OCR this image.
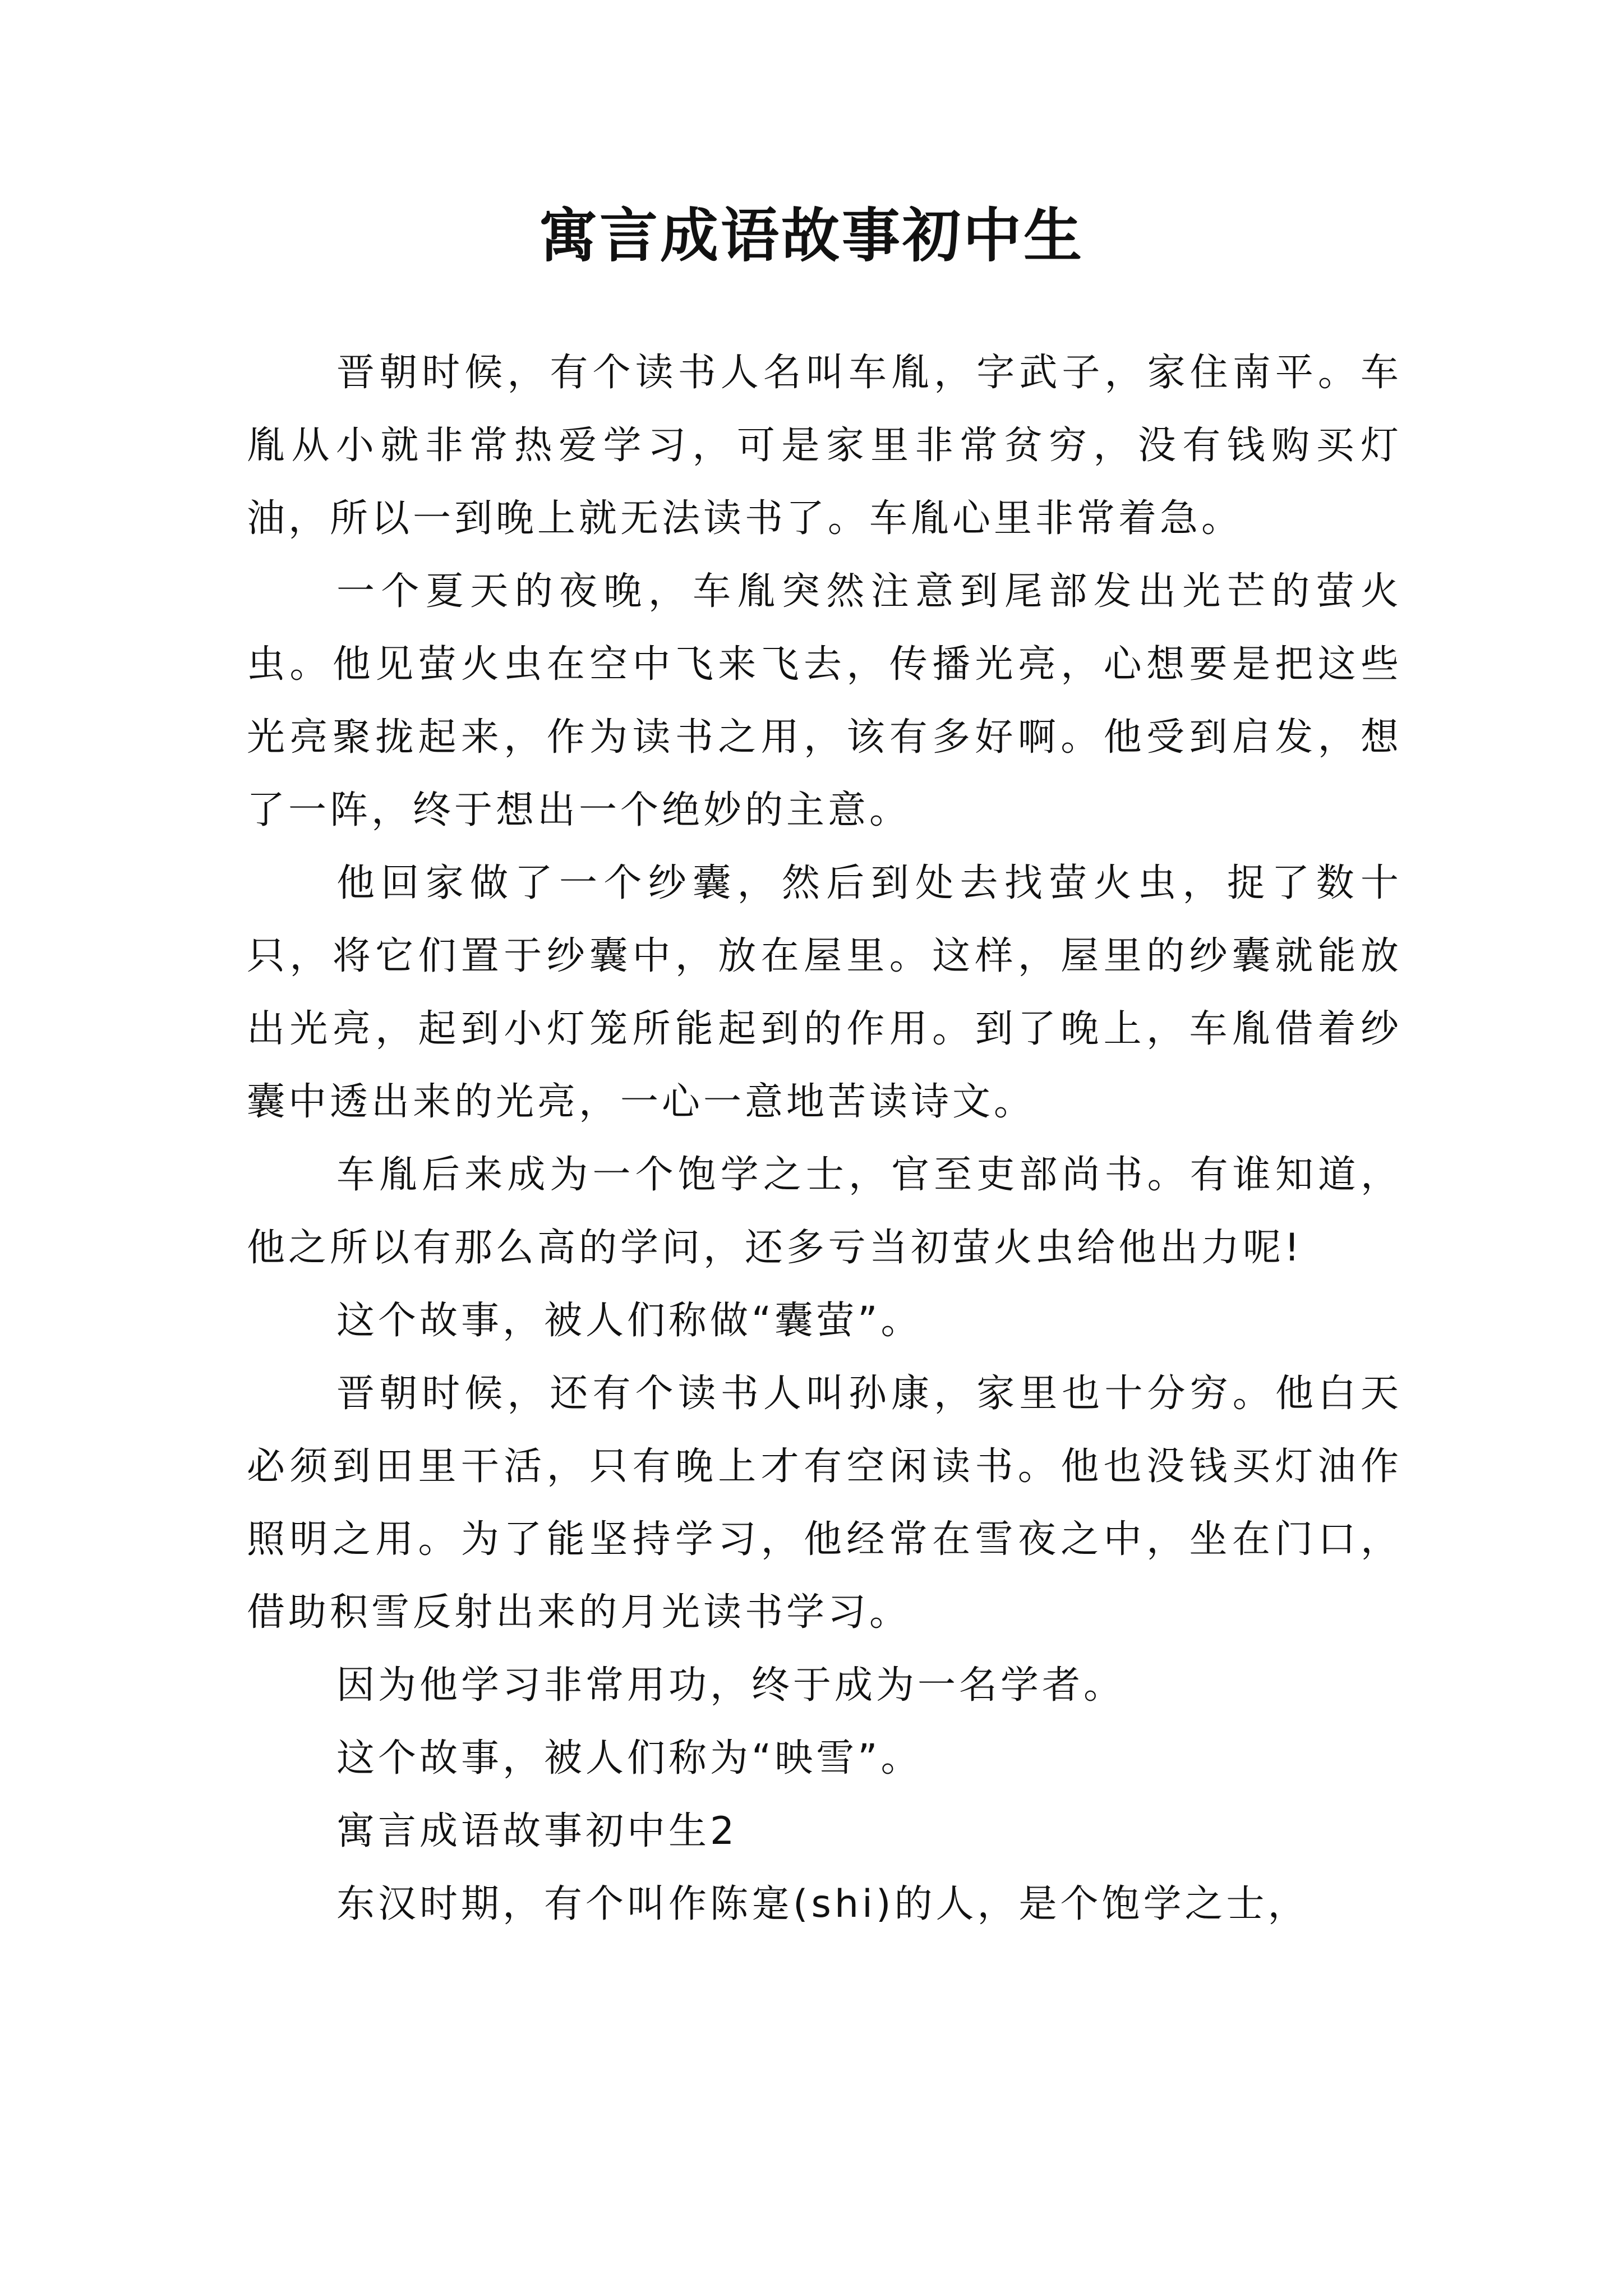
寓言成语故事初中生

晋朝时候，有个读书人名叫车胤，字武子，家住南平。车胤从小就非常热爱学习，可是家里非常贫穷，没有钱购买灯油，所以一到晚上就无法读书了。车胤心里非常着急。

一个夏天的夜晚，车胤突然注意到尾部发出光芒的萤火虫。他见萤火虫在空中飞来飞去，传播光亮，心想要是把这些光亮聚拢起来，作为读书之用，该有多好啊。他受到启发，想了一阵，终于想出一个绝妙的主意。

他回家做了一个纱囊，然后到处去找萤火虫，捉了数十只，将它们置于纱囊中，放在屋里。这样，屋里的纱囊就能放出光亮，起到小灯笼所能起到的作用。到了晚上，车胤借着纱囊中透出来的光亮，一心一意地苦读诗文。

车胤后来成为一个饱学之士，官至吏部尚书。有谁知道，他之所以有那么高的学问，还多亏当初萤火虫给他出力呢!

这个故事，被人们称做“囊萤”。

晋朝时候，还有个读书人叫孙康，家里也十分穷。他白天必须到田里干活，只有晚上才有空闲读书。他也没钱买灯油作照明之用。为了能坚持学习，他经常在雪夜之中，坐在门口，借助积雪反射出来的月光读书学习。

因为他学习非常用功，终于成为一名学者。

这个故事，被人们称为“映雪”。

寓言成语故事初中生2

东汉时期，有个叫作陈寔(shi)的人，是个饱学之士，
